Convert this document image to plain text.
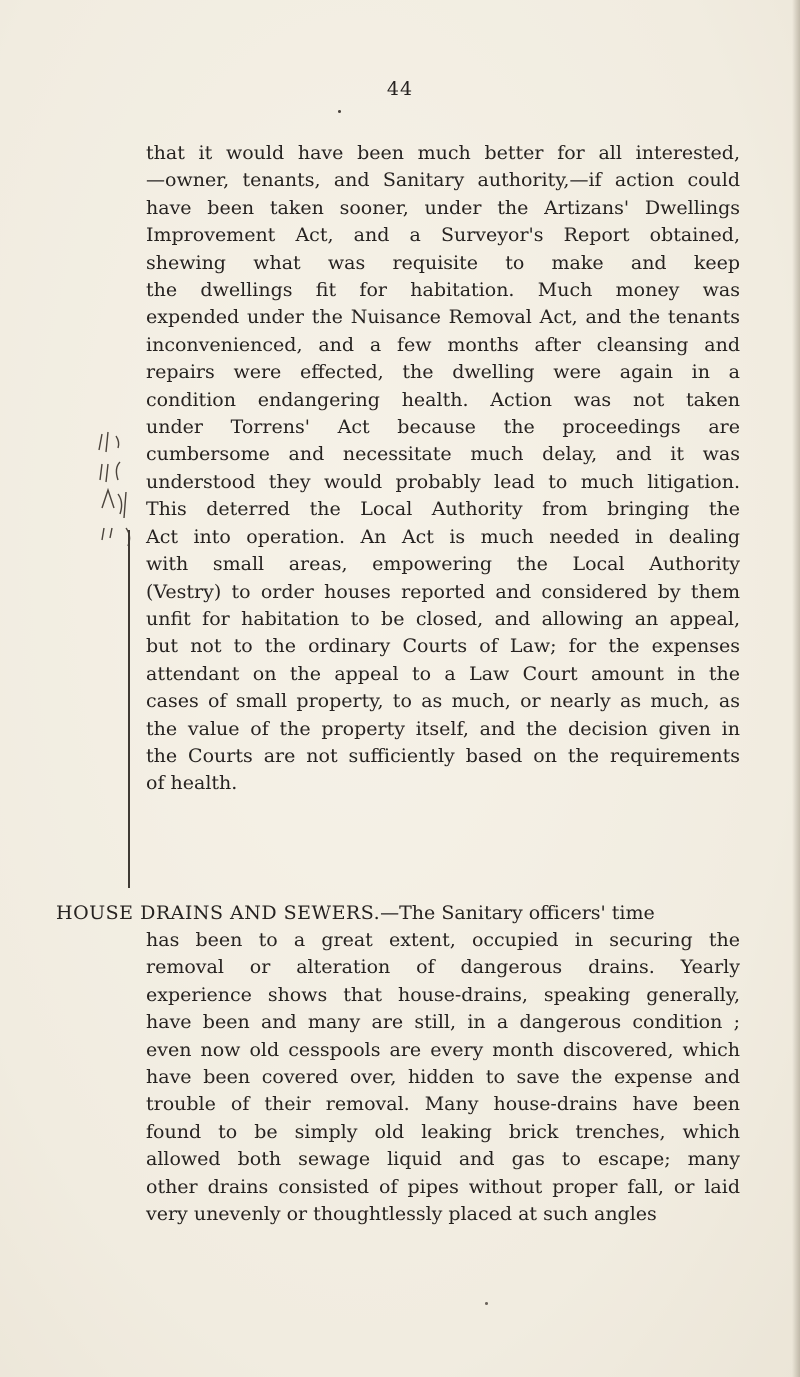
44
that it would have been much better for all interested,
—owner, tenants, and Sanitary authority,—if action could
have been taken sooner, under the Artizans' Dwellings
Improvement Act, and a Surveyor's Report obtained,
shewing what was requisite to make and keep
the dwellings fit for habitation. Much money was
expended under the Nuisance Removal Act, and the tenants
inconvenienced, and a few months after cleansing and
repairs were effected, the dwelling were again in a
condition endangering health. Action was not taken
under Torrens' Act because the proceedings are
cumbersome and necessitate much delay, and it was
understood they would probably lead to much litigation.
This deterred the Local Authority from bringing the
Act into operation. An Act is much needed in dealing
with small areas, empowering the Local Authority
(Vestry) to order houses reported and considered by them
unfit for habitation to be closed, and allowing an appeal,
but not to the ordinary Courts of Law; for the expenses
attendant on the appeal to a Law Court amount in the
cases of small property, to as much, or nearly as much, as
the value of the property itself, and the decision given in
the Courts are not sufficiently based on the requirements
of health.
HOUSE DRAINS AND SEWERS.—The Sanitary officers' time
has been to a great extent, occupied in securing the
removal or alteration of dangerous drains. Yearly
experience shows that house-drains, speaking generally,
have been and many are still, in a dangerous condition ;
even now old cesspools are every month discovered, which
have been covered over, hidden to save the expense and
trouble of their removal. Many house-drains have been
found to be simply old leaking brick trenches, which
allowed both sewage liquid and gas to escape; many
other drains consisted of pipes without proper fall, or laid
very unevenly or thoughtlessly placed at such angles
